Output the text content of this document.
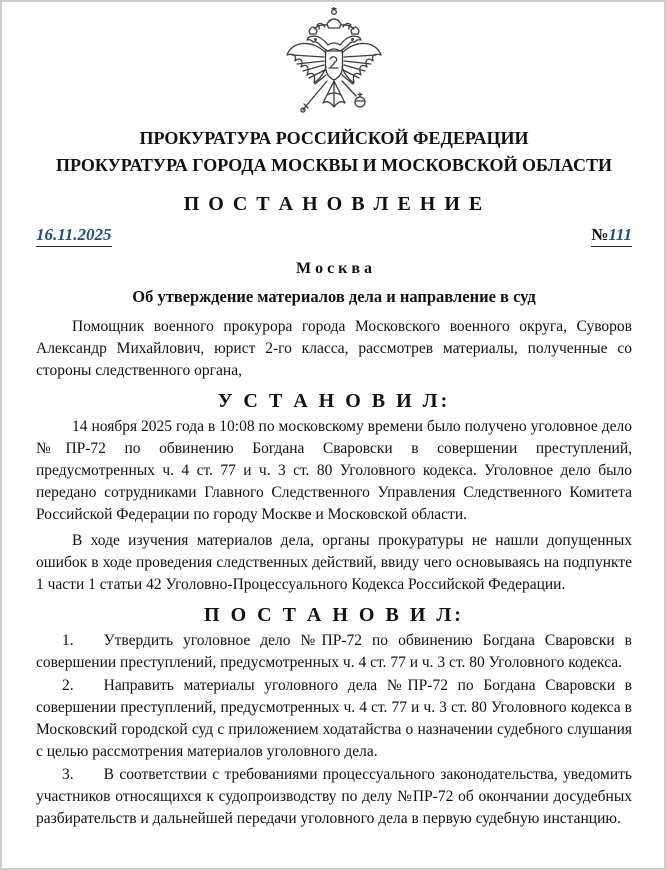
ПРОКУРАТУРА РОССИЙСКОЙ ФЕДЕРАЦИИ

ПРОКУРАТУРА ГОРОДА МОСКВЫ И МОСКОВСКОЙ ОБЛАСТИ

П О С Т А Н О В Л Е Н И Е

16.11.2025	№111

М о с к в а

Об утверждение материалов дела и направление в суд

Помощник военного прокурора города Московского военного округа, Суворов Александр Михайлович, юрист 2-го класса, рассмотрев материалы, полученные со стороны следственного органа,

У С Т А Н О В И Л:

14 ноября 2025 года в 10:08 по московскому времени было получено уголовное дело №ПР-72 по обвинению Богдана Сваровски в совершении преступлений, предусмотренных ч. 4 ст. 77 и ч. 3 ст. 80 Уголовного кодекса. Уголовное дело было передано сотрудниками Главного Следственного Управления Следственного Комитета Российской Федерации по городу Москве и Московской области.

В ходе изучения материалов дела, органы прокуратуры не нашли допущенных ошибок в ходе проведения следственных действий, ввиду чего основываясь на подпункте 1 части 1 статьи 42 Уголовно-Процессуального Кодекса Российской Федерации.

П О С Т А Н О В И Л:

1. Утвердить уголовное дело №ПР-72 по обвинению Богдана Сваровски в совершении преступлений, предусмотренных ч. 4 ст. 77 и ч. 3 ст. 80 Уголовного кодекса.

2. Направить материалы уголовного дела №ПР-72 по Богдана Сваровски в совершении преступлений, предусмотренных ч. 4 ст. 77 и ч. 3 ст. 80 Уголовного кодекса в Московский городской суд с приложением ходатайства о назначении судебного слушания с целью рассмотрения материалов уголовного дела.

3. В соответствии с требованиями процессуального законодательства, уведомить участников относящихся к судопроизводству по делу №ПР-72 об окончании досудебных разбирательств и дальнейшей передачи уголовного дела в первую судебную инстанцию.
